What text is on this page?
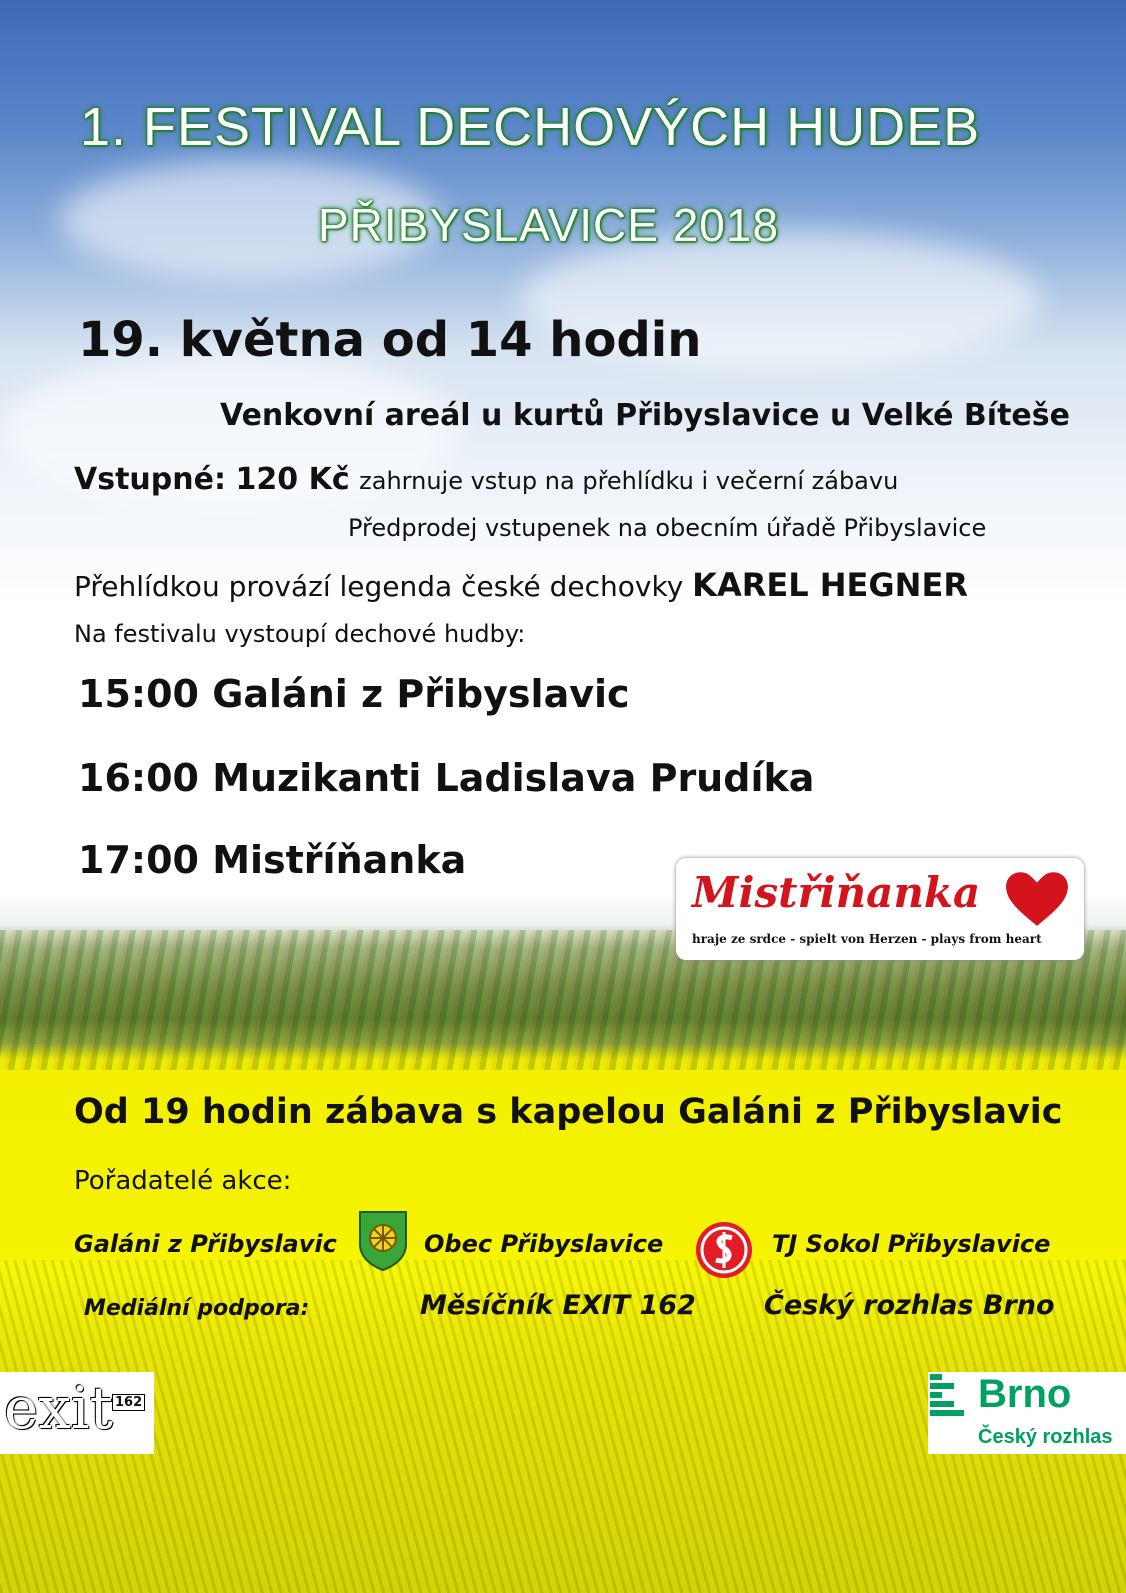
1. FESTIVAL DECHOVÝCH HUDEB
PŘIBYSLAVICE 2018
19. května od 14 hodin
Venkovní areál u kurtů Přibyslavice u Velké Bíteše
Vstupné: 120 Kč zahrnuje vstup na přehlídku i večerní zábavu
Předprodej vstupenek na obecním úřadě Přibyslavice
Přehlídkou provází legenda české dechovky KAREL HEGNER
Na festivalu vystoupí dechové hudby:
15:00 Galáni z Přibyslavic
16:00 Muzikanti Ladislava Prudíka
17:00 Mistříňanka
Mistřiňanka
hraje ze srdce - spielt von Herzen - plays from heart
Od 19 hodin zábava s kapelou Galáni z Přibyslavic
Pořadatelé akce:
Galáni z Přibyslavic	Obec Přibyslavice	TJ Sokol Přibyslavice
Mediální podpora:	Měsíčník EXIT 162	Český rozhlas Brno
exit 162	Brno
Český rozhlas
